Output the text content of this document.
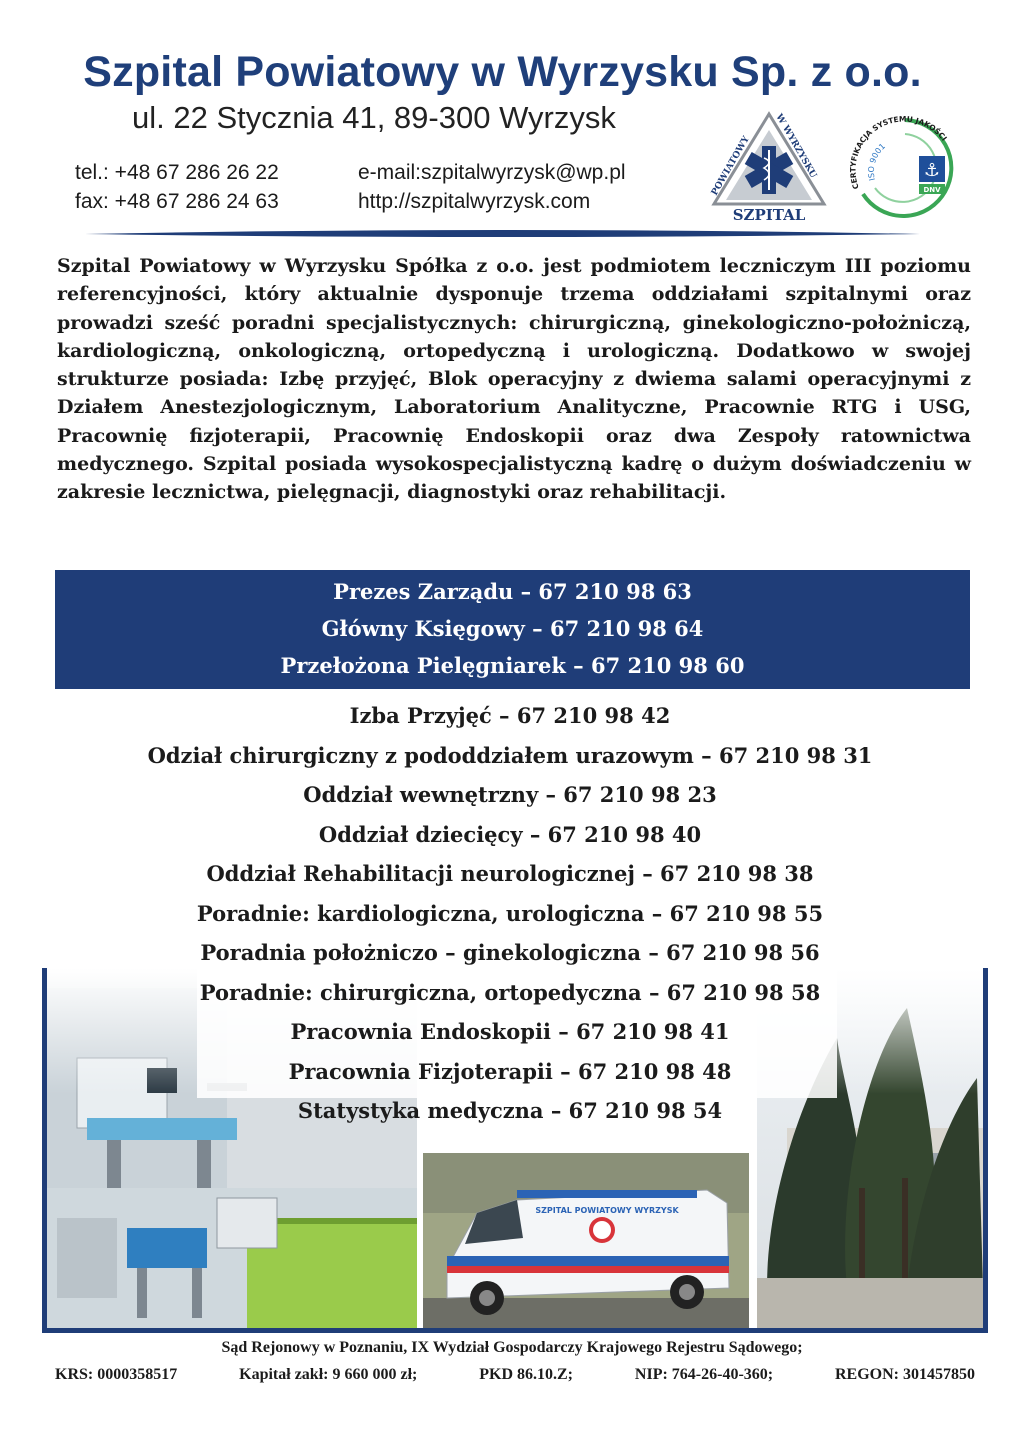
Szpital Powiatowy w Wyrzysku Sp. z o.o.
ul. 22 Stycznia 41, 89-300 Wyrzysk
tel.: +48 67 286 26 22
fax: +48 67 286 24 63
e-mail:szpitalwyrzysk@wp.pl
http://szpitalwyrzysk.com	POWIATOWY
W WYRZYSKU
SZPITAL
CERTYFIKACJA SYSTEMU JAKOŚCI
ISO 9001
⚓
DNV
Szpital Powiatowy w Wyrzysku Spółka z o.o. jest podmiotem leczniczym III poziomu referencyjności, który aktualnie dysponuje trzema oddziałami szpitalnymi oraz prowadzi sześć poradni specjalistycznych: chirurgiczną, ginekologiczno-położniczą, kardiologiczną, onkologiczną, ortopedyczną i urologiczną. Dodatkowo w swojej strukturze posiada: Izbę przyjęć, Blok operacyjny z dwiema salami operacyjnymi z Działem Anestezjologicznym, Laboratorium Analityczne, Pracownie RTG i USG, Pracownię fizjoterapii, Pracownię Endoskopii oraz dwa Zespoły ratownictwa medycznego. Szpital posiada wysokospecjalistyczną kadrę o dużym doświadczeniu w zakresie lecznictwa, pielęgnacji, diagnostyki oraz rehabilitacji.
Prezes Zarządu – 67 210 98 63
Główny Księgowy – 67 210 98 64
Przełożona Pielęgniarek – 67 210 98 60
Izba Przyjęć – 67 210 98 42
Odział chirurgiczny z pododdziałem urazowym – 67 210 98 31
Oddział wewnętrzny – 67 210 98 23
Oddział dziecięcy – 67 210 98 40
Oddział Rehabilitacji neurologicznej – 67 210 98 38
Poradnie: kardiologiczna, urologiczna – 67 210 98 55
Poradnia położniczo – ginekologiczna – 67 210 98 56
Poradnie: chirurgiczna, ortopedyczna – 67 210 98 58
Pracownia Endoskopii – 67 210 98 41
Pracownia Fizjoterapii – 67 210 98 48
Statystyka medyczna – 67 210 98 54
Sąd Rejonowy w Poznaniu, IX Wydział Gospodarczy Krajowego Rejestru Sądowego;
KRS: 0000358517	Kapitał zakł: 9 660 000 zł;	PKD 86.10.Z;	NIP: 764-26-40-360;	REGON: 301457850
